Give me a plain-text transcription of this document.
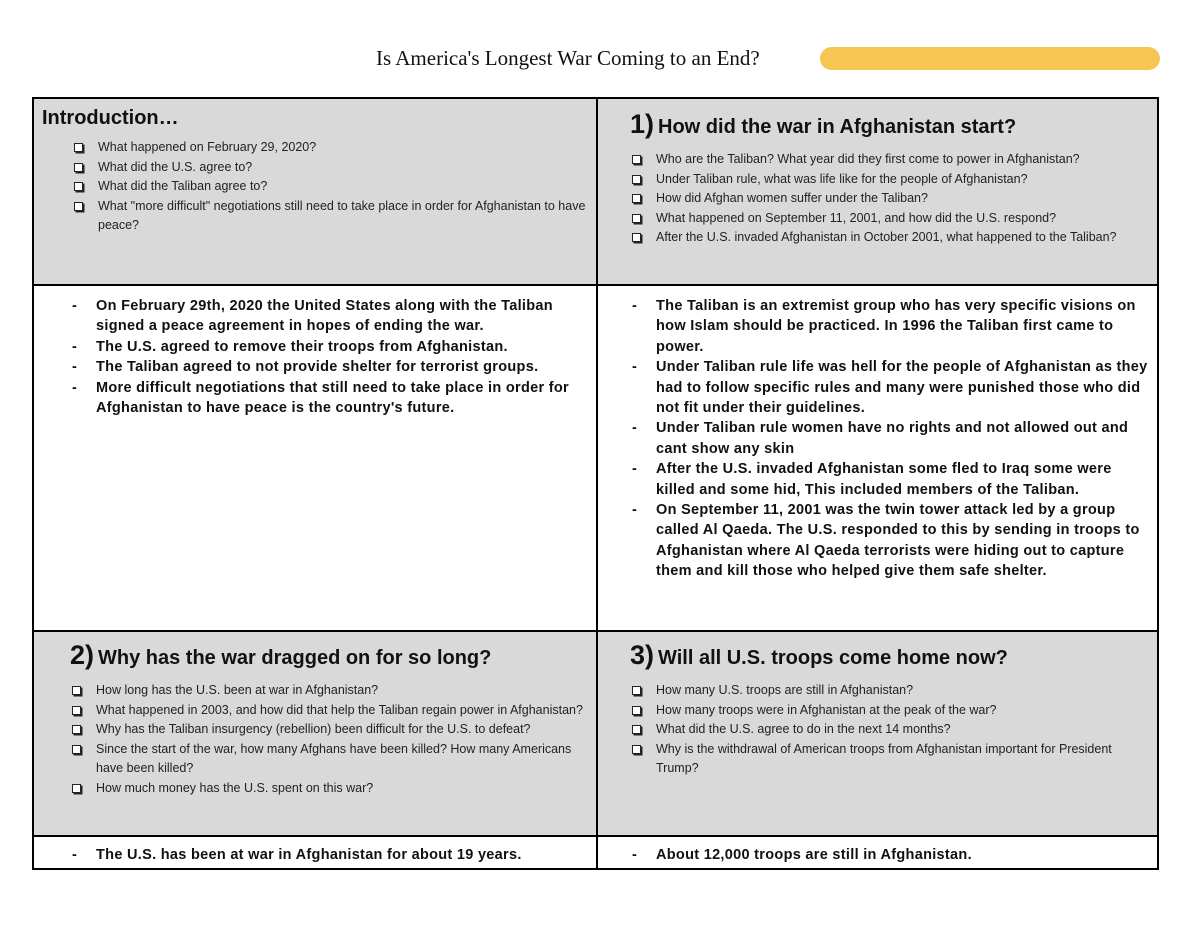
Is America's Longest War Coming to an End?
Introduction…
What happened on February 29, 2020?
What did the U.S. agree to?
What did the Taliban agree to?
What "more difficult" negotiations still need to take place in order for Afghanistan to have peace?
1) How did the war in Afghanistan start?
Who are the Taliban? What year did they first come to power in Afghanistan?
Under Taliban rule, what was life like for the people of Afghanistan?
How did Afghan women suffer under the Taliban?
What happened on September 11, 2001, and how did the U.S. respond?
After the U.S. invaded Afghanistan in October 2001, what happened to the Taliban?
- On February 29th, 2020 the United States along with the Taliban signed a peace agreement in hopes of ending the war.
- The U.S. agreed to remove their troops from Afghanistan.
- The Taliban agreed to not provide shelter for terrorist groups.
- More difficult negotiations that still need to take place in order for Afghanistan to have peace is the country's future.
- The Taliban is an extremist group who has very specific visions on how Islam should be practiced. In 1996 the Taliban first came to power.
- Under Taliban rule life was hell for the people of Afghanistan as they had to follow specific rules and many were punished those who did not fit under their guidelines.
- Under Taliban rule women have no rights and not allowed out and cant show any skin
- After the U.S. invaded Afghanistan some fled to Iraq some were killed and some hid, This included members of the Taliban.
- On September 11, 2001 was the twin tower attack led by a group called Al Qaeda. The U.S. responded to this by sending in troops to Afghanistan where Al Qaeda terrorists were hiding out to capture them and kill those who helped give them safe shelter.
2) Why has the war dragged on for so long?
How long has the U.S. been at war in Afghanistan?
What happened in 2003, and how did that help the Taliban regain power in Afghanistan?
Why has the Taliban insurgency (rebellion) been difficult for the U.S. to defeat?
Since the start of the war, how many Afghans have been killed? How many Americans have been killed?
How much money has the U.S. spent on this war?
3) Will all U.S. troops come home now?
How many U.S. troops are still in Afghanistan?
How many troops were in Afghanistan at the peak of the war?
What did the U.S. agree to do in the next 14 months?
Why is the withdrawal of American troops from Afghanistan important for President Trump?
- The U.S. has been at war in Afghanistan for about 19 years.
-	About 12,000 troops are still in Afghanistan.
